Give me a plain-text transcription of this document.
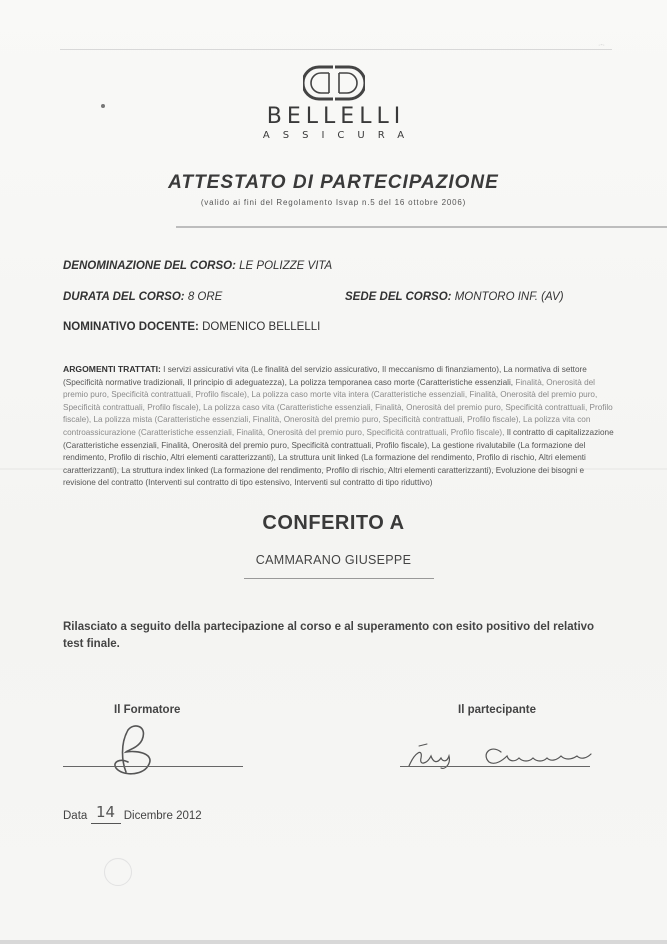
·-·
BELLELLI
ASSICURA
ATTESTATO DI PARTECIPAZIONE
(valido ai fini del Regolamento Isvap n.5 del 16 ottobre 2006)
DENOMINAZIONE DEL CORSO: LE POLIZZE VITA
DURATA DEL CORSO: 8 ORE	SEDE DEL CORSO: MONTORO INF. (AV)
NOMINATIVO DOCENTE: DOMENICO BELLELLI
ARGOMENTI TRATTATI: I servizi assicurativi vita (Le finalità del servizio assicurativo, Il meccanismo di finanziamento), La normativa di settore (Specificità normative tradizionali, Il principio di adeguatezza), La polizza temporanea caso morte (Caratteristiche essenziali, Finalità, Onerosità del premio puro, Specificità contrattuali, Profilo fiscale), La polizza caso morte vita intera (Caratteristiche essenziali, Finalità, Onerosità del premio puro, Specificità contrattuali, Profilo fiscale), La polizza caso vita (Caratteristiche essenziali, Finalità, Onerosità del premio puro, Specificità contrattuali, Profilo fiscale), La polizza mista (Caratteristiche essenziali, Finalità, Onerosità del premio puro, Specificità contrattuali, Profilo fiscale), La polizza vita con controassicurazione (Caratteristiche essenziali, Finalità, Onerosità del premio puro, Specificità contrattuali, Profilo fiscale), Il contratto di capitalizzazione (Caratteristiche essenziali, Finalità, Onerosità del premio puro, Specificità contrattuali, Profilo fiscale), La gestione rivalutabile (La formazione del rendimento, Profilo di rischio, Altri elementi caratterizzanti), La struttura unit linked (La formazione del rendimento, Profilo di rischio, Altri elementi caratterizzanti), La struttura index linked (La formazione del rendimento, Profilo di rischio, Altri elementi caratterizzanti), Evoluzione dei bisogni e revisione del contratto (Interventi sul contratto di tipo estensivo, Interventi sul contratto di tipo riduttivo)
CONFERITO A
CAMMARANO GIUSEPPE
Rilasciato a seguito della partecipazione al corso e al superamento con esito positivo del relativo test finale.
Il Formatore	Il partecipante
Data 14 Dicembre 2012
